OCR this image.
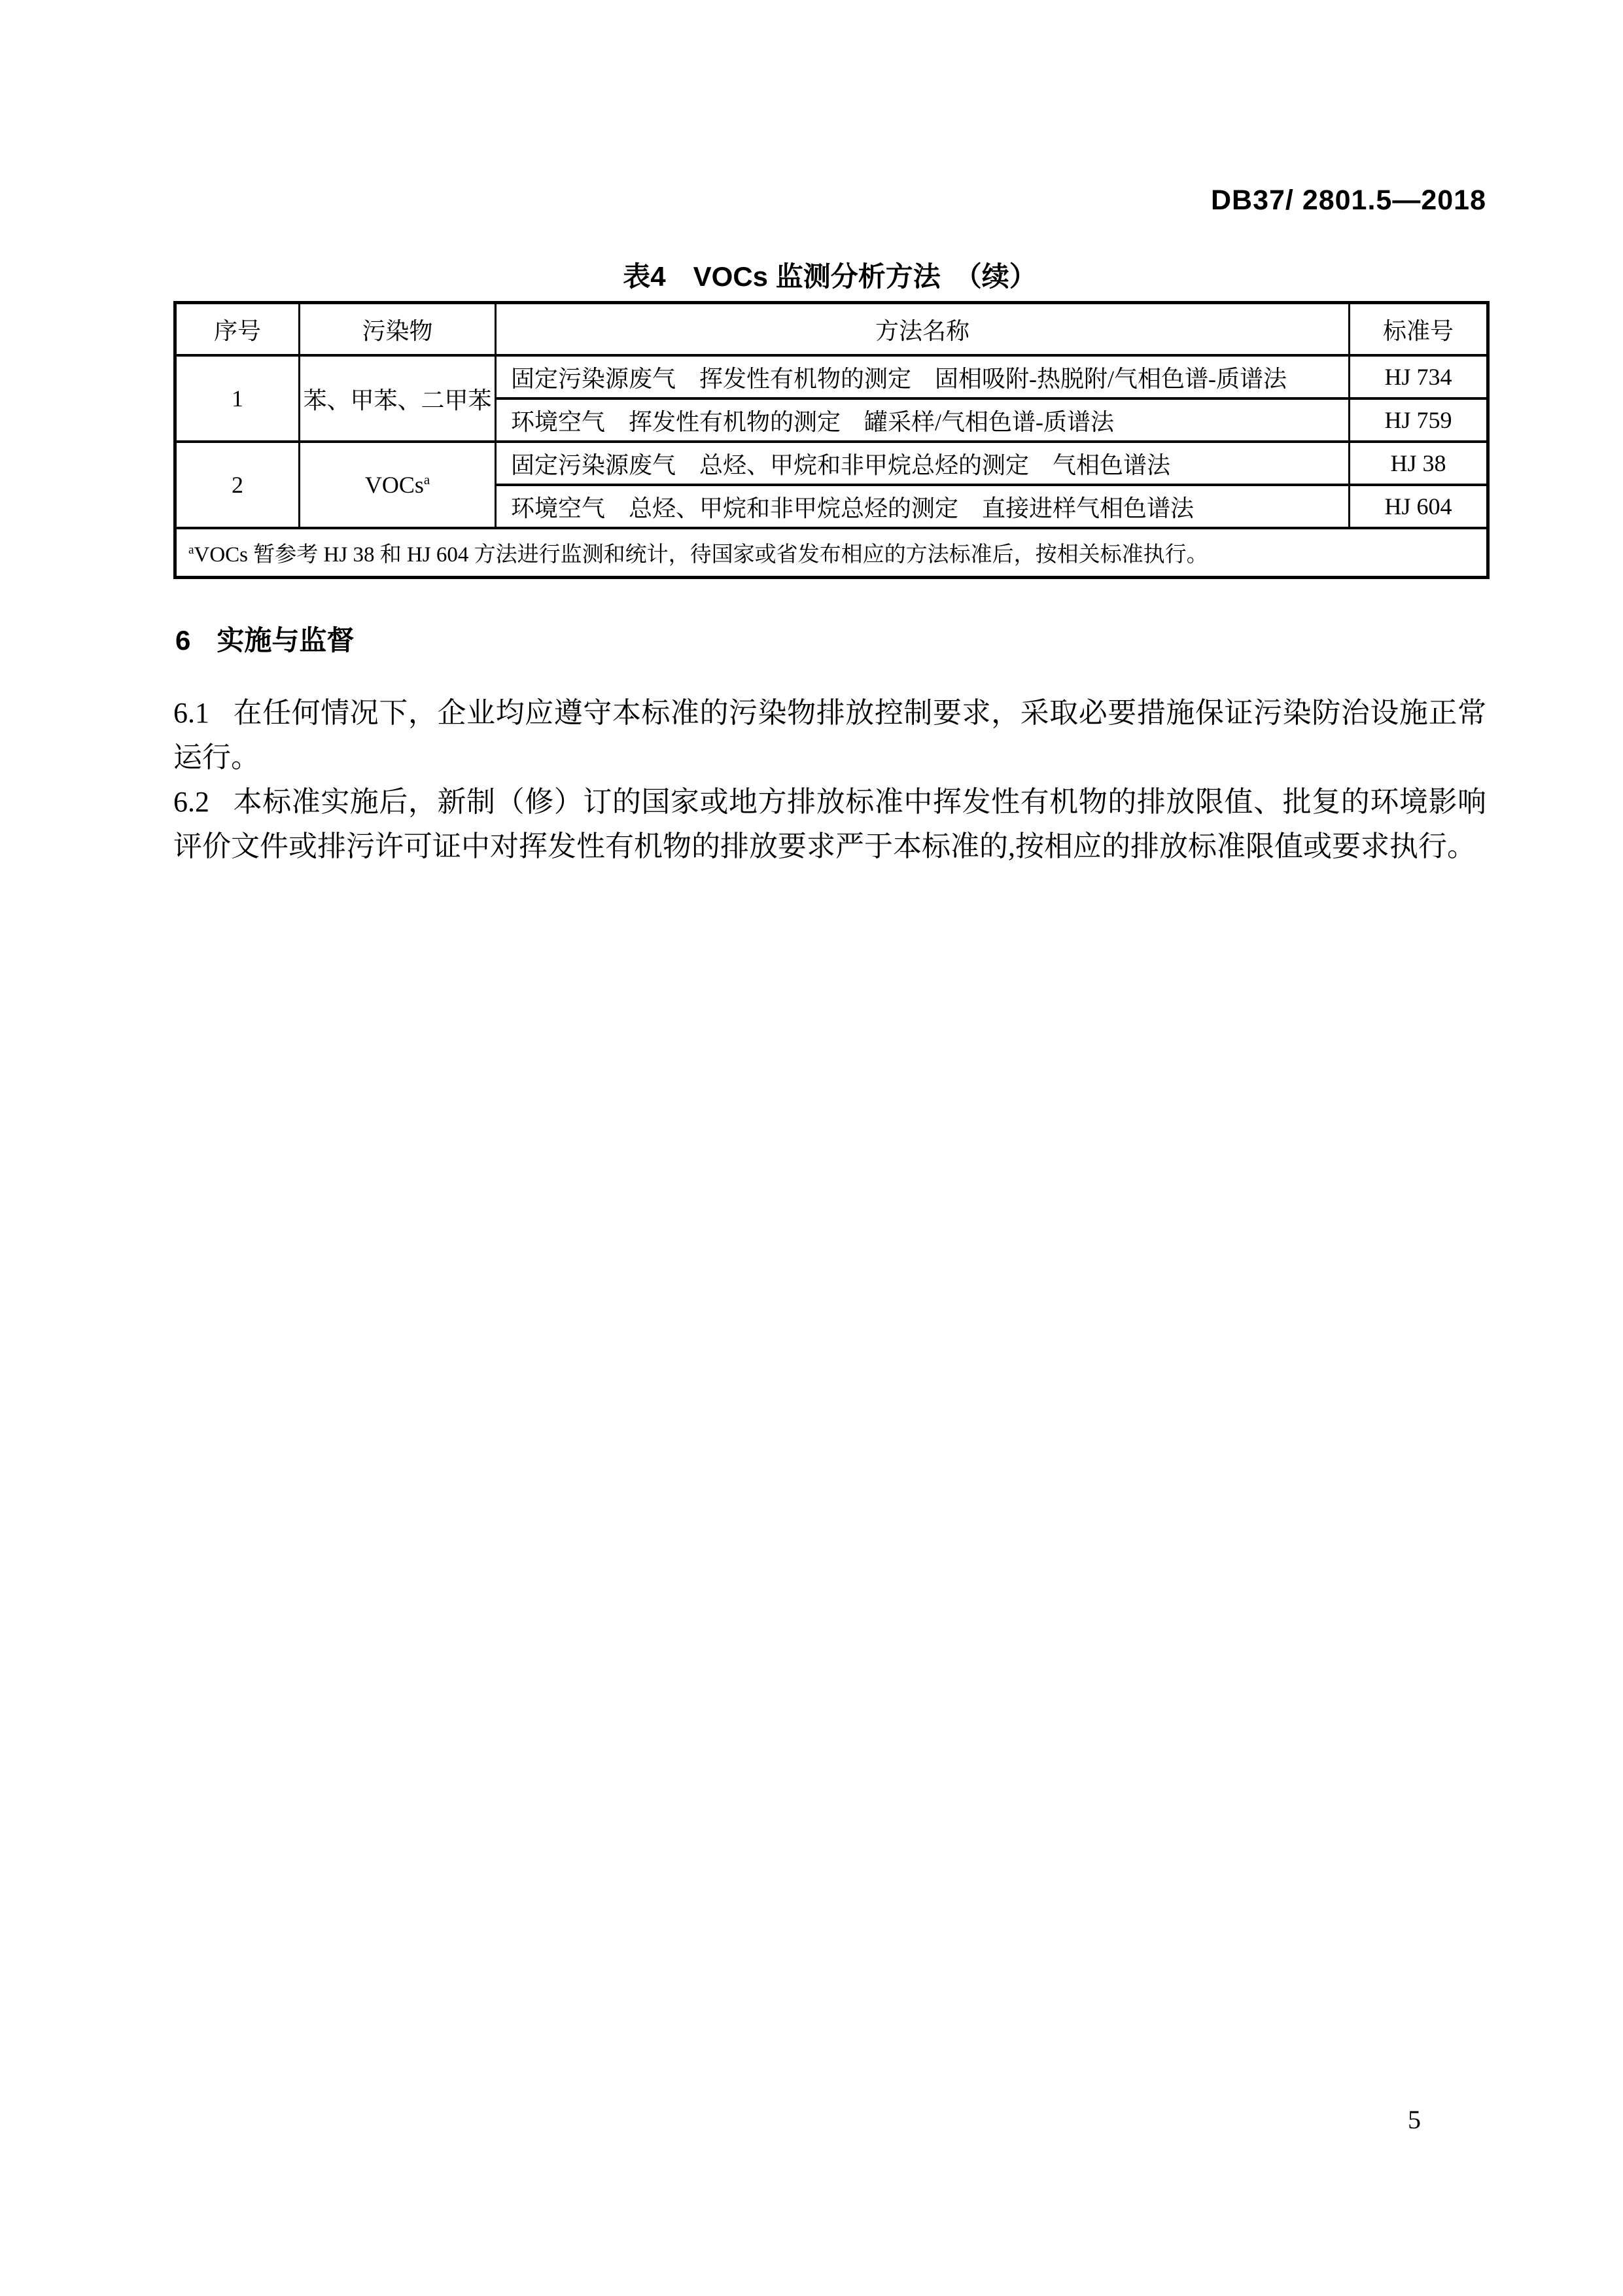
DB37/ 2801.5—2018
表4　VOCs 监测分析方法　（续）
序号	污染物	方法名称	标准号
1	苯、甲苯、二甲苯	固定污染源废气　挥发性有机物的测定　固相吸附-热脱附/气相色谱-质谱法	HJ 734
		环境空气　挥发性有机物的测定　罐采样/气相色谱-质谱法	HJ 759
2	VOCs$^a$	固定污染源废气　总烃、甲烷和非甲烷总烃的测定　气相色谱法	HJ 38
		环境空气　总烃、甲烷和非甲烷总烃的测定　直接进样气相色谱法	HJ 604
$^a$VOCs 暂参考 HJ 38 和 HJ 604 方法进行监测和统计，待国家或省发布相应的方法标准后，按相关标准执行。			
6 实施与监督

6.1 在任何情况下，企业均应遵守本标准的污染物排放控制要求，采取必要措施保证污染防治设施正常运行。

6.2 本标准实施后，新制（修）订的国家或地方排放标准中挥发性有机物的排放限值、批复的环境影响评价文件或排污许可证中对挥发性有机物的排放要求严于本标准的,按相应的排放标准限值或要求执行。

5
